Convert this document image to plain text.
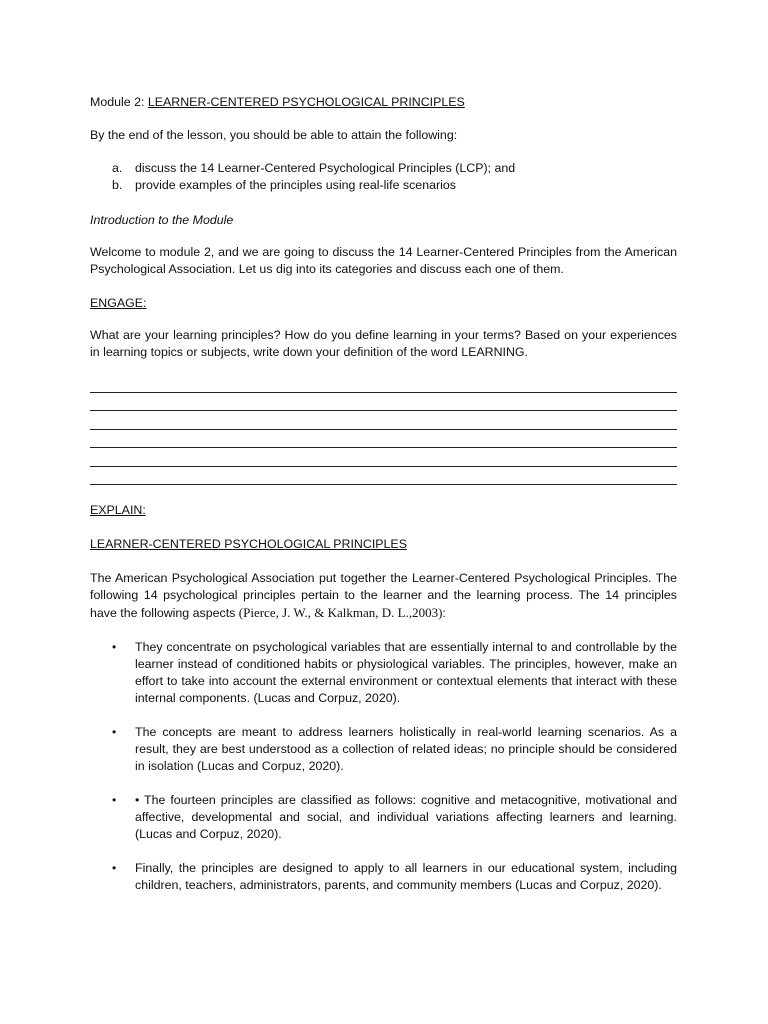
Module 2: LEARNER-CENTERED PSYCHOLOGICAL PRINCIPLES

By the end of the lesson, you should be able to attain the following:

a. discuss the 14 Learner-Centered Psychological Principles (LCP); and
b. provide examples of the principles using real-life scenarios

Introduction to the Module

Welcome to module 2, and we are going to discuss the 14 Learner-Centered Principles from the American Psychological Association. Let us dig into its categories and discuss each one of them.

ENGAGE:

What are your learning principles? How do you define learning in your terms? Based on your experiences in learning topics or subjects, write down your definition of the word LEARNING.

EXPLAIN:

LEARNER-CENTERED PSYCHOLOGICAL PRINCIPLES

The American Psychological Association put together the Learner-Centered Psychological Principles. The following 14 psychological principles pertain to the learner and the learning process. The 14 principles have the following aspects (Pierce, J. W., & Kalkman, D. L.,2003):

• They concentrate on psychological variables that are essentially internal to and controllable by the learner instead of conditioned habits or physiological variables. The principles, however, make an effort to take into account the external environment or contextual elements that interact with these internal components. (Lucas and Corpuz, 2020).
• The concepts are meant to address learners holistically in real-world learning scenarios. As a result, they are best understood as a collection of related ideas; no principle should be considered in isolation (Lucas and Corpuz, 2020).
• • The fourteen principles are classified as follows: cognitive and metacognitive, motivational and affective, developmental and social, and individual variations affecting learners and learning. (Lucas and Corpuz, 2020).
• Finally, the principles are designed to apply to all learners in our educational system, including children, teachers, administrators, parents, and community members (Lucas and Corpuz, 2020).
